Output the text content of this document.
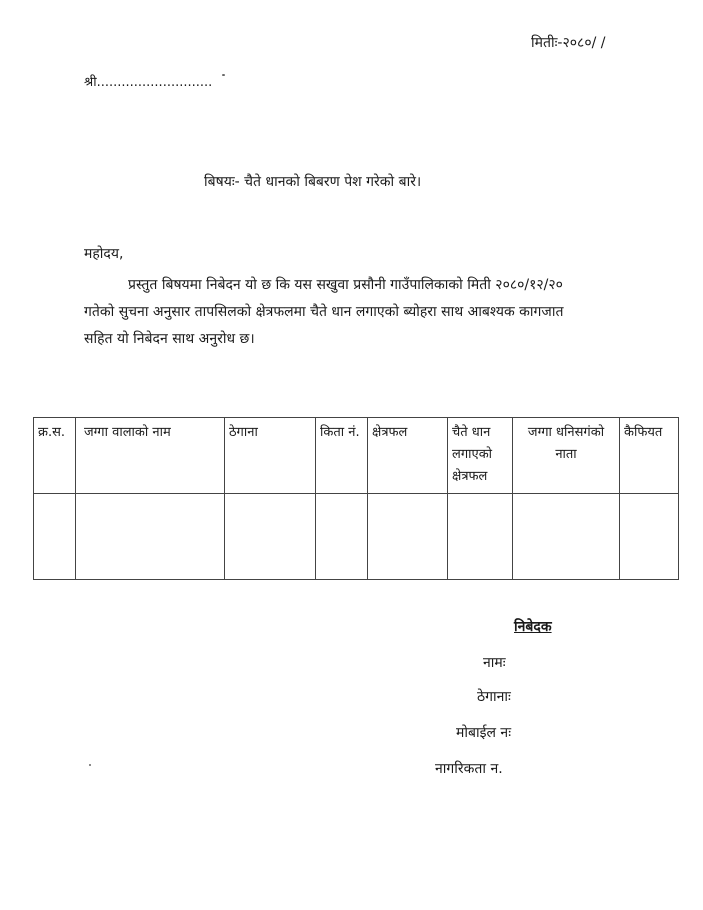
मितीः-२०८०/ /
श्री............................
बिषयः- चैते धानको बिबरण पेश गरेको बारे।
महोदय,
प्रस्तुत बिषयमा निबेदन यो छ कि यस सखुवा प्रसौनी गाउँपालिकाको मिती २०८०/१२/२०
गतेको सुचना अनुसार तापसिलको क्षेत्रफलमा चैते धान लगाएको ब्योहरा साथ आबश्यक कागजात
सहित यो निबेदन साथ अनुरोध छ।
क्र.स.	जग्गा वालाको नाम	ठेगाना	किता नं.	क्षेत्रफल	चैते धान लगाएको क्षेत्रफल	जग्गा धनिसगंको नाता	कैफियत

निबेदक
नामः
ठेगानाः
मोबाईल नः
नागरिकता न.
